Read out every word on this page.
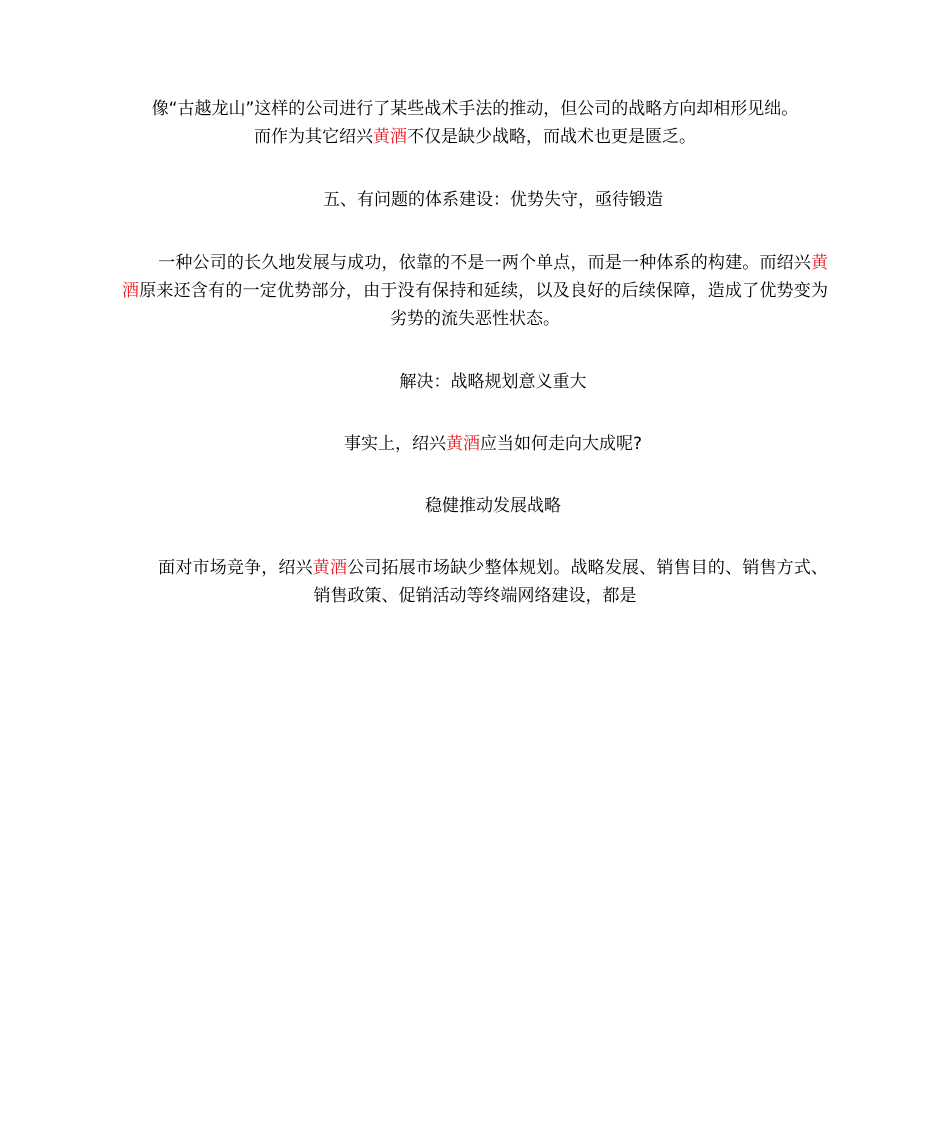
像“古越龙山”这样的公司进行了某些战术手法的推动，但公司的战略方向却相形见绌。
而作为其它绍兴黄酒不仅是缺少战略，而战术也更是匮乏。
五、有问题的体系建设：优势失守，亟待锻造
一种公司的长久地发展与成功，依靠的不是一两个单点，而是一种体系的构建。而绍兴黄酒原来还含有的一定优势部分，由于没有保持和延续，以及良好的后续保障，造成了优势变为劣势的流失恶性状态。
解决：战略规划意义重大
事实上，绍兴黄酒应当如何走向大成呢?
稳健推动发展战略
面对市场竞争，绍兴黄酒公司拓展市场缺少整体规划。战略发展、销售目的、销售方式、销售政策、促销活动等终端网络建设，都是
